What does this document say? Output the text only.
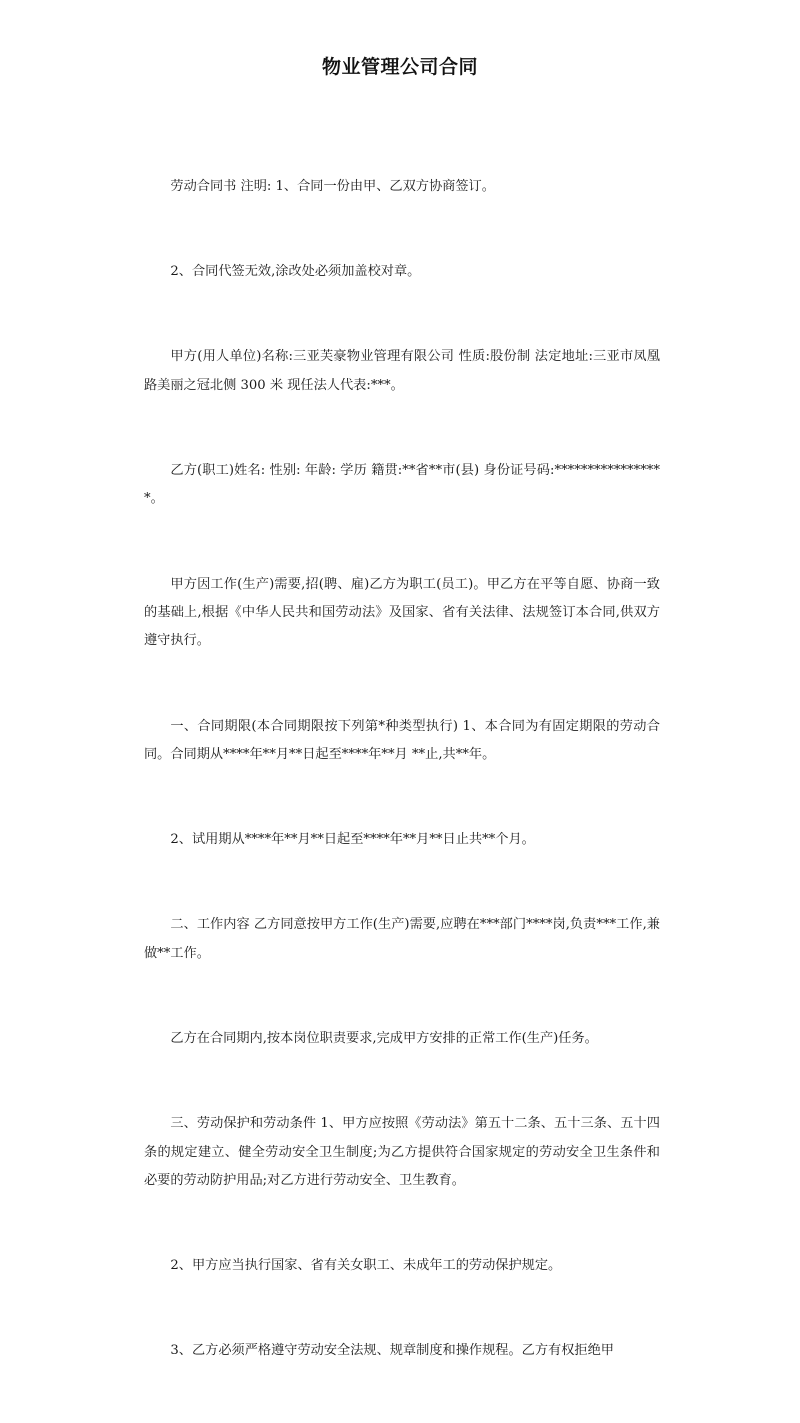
物业管理公司合同

劳动合同书 注明: 1、合同一份由甲、乙双方协商签订。

2、合同代签无效,涂改处必须加盖校对章。

甲方(用人单位)名称:三亚芙豪物业管理有限公司 性质:股份制 法定地址:三亚市凤凰路美丽之冠北侧 300 米 现任法人代表:***。

乙方(职工)姓名: 性别: 年龄: 学历 籍贯:**省**市(县) 身份证号码:*****************。

甲方因工作(生产)需要,招(聘、雇)乙方为职工(员工)。甲乙方在平等自愿、协商一致的基础上,根据《中华人民共和国劳动法》及国家、省有关法律、法规签订本合同,供双方遵守执行。

一、合同期限(本合同期限按下列第*种类型执行) 1、本合同为有固定期限的劳动合同。合同期从****年**月**日起至****年**月 **止,共**年。

2、试用期从****年**月**日起至****年**月**日止共**个月。

二、工作内容 乙方同意按甲方工作(生产)需要,应聘在***部门****岗,负责***工作,兼做**工作。

乙方在合同期内,按本岗位职责要求,完成甲方安排的正常工作(生产)任务。

三、劳动保护和劳动条件 1、甲方应按照《劳动法》第五十二条、五十三条、五十四条的规定建立、健全劳动安全卫生制度;为乙方提供符合国家规定的劳动安全卫生条件和必要的劳动防护用品;对乙方进行劳动安全、卫生教育。

2、甲方应当执行国家、省有关女职工、未成年工的劳动保护规定。

3、乙方必须严格遵守劳动安全法规、规章制度和操作规程。乙方有权拒绝甲
